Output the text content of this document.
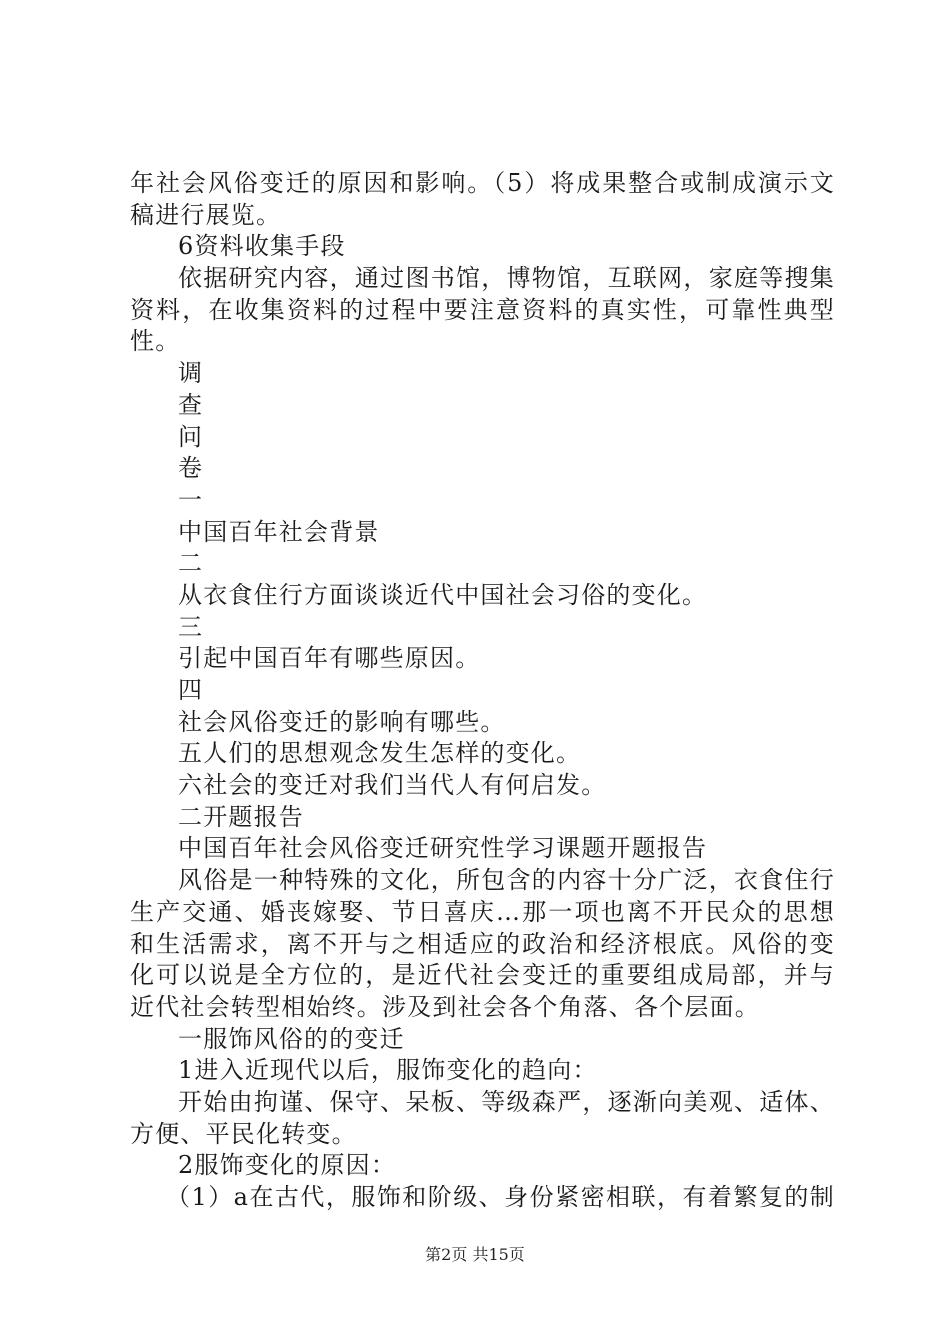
年社会风俗变迁的原因和影响。（5）将成果整合或制成演示文
稿进行展览。
6资料收集手段
依据研究内容，通过图书馆，博物馆，互联网，家庭等搜集
资料，在收集资料的过程中要注意资料的真实性，可靠性典型
性。
调
查
问
卷
一
中国百年社会背景
二
从衣食住行方面谈谈近代中国社会习俗的变化。
三
引起中国百年有哪些原因。
四
社会风俗变迁的影响有哪些。
五人们的思想观念发生怎样的变化。
六社会的变迁对我们当代人有何启发。
二开题报告
中国百年社会风俗变迁研究性学习课题开题报告
风俗是一种特殊的文化，所包含的内容十分广泛，衣食住行
生产交通、婚丧嫁娶、节日喜庆…那一项也离不开民众的思想
和生活需求，离不开与之相适应的政治和经济根底。风俗的变
化可以说是全方位的，是近代社会变迁的重要组成局部，并与
近代社会转型相始终。涉及到社会各个角落、各个层面。
一服饰风俗的的变迁
1进入近现代以后，服饰变化的趋向：
开始由拘谨、保守、呆板、等级森严，逐渐向美观、适体、
方便、平民化转变。
2服饰变化的原因：
（1）a在古代，服饰和阶级、身份紧密相联，有着繁复的制
第2页 共15页
